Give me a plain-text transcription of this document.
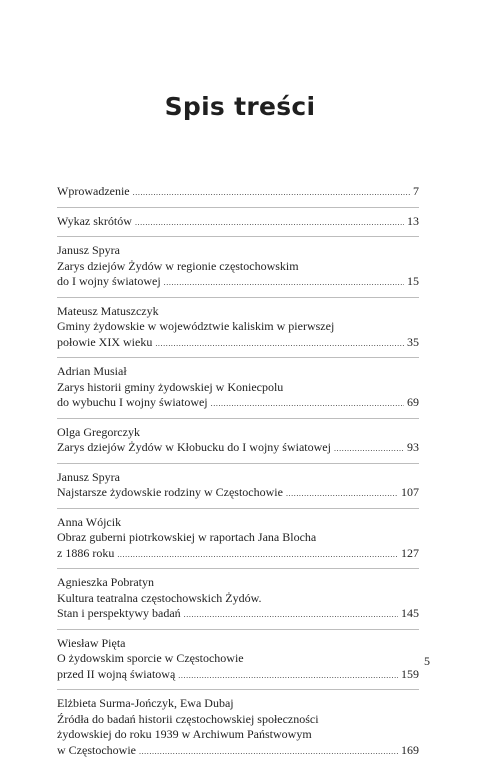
Spis treści
Wprowadzenie .....	7
Wykaz skrótów .....	13
Janusz Spyra
Zarys dziejów Żydów w regionie częstochowskim
do I wojny światowej .....	15
Mateusz Matuszczyk
Gminy żydowskie w województwie kaliskim w pierwszej
połowie XIX wieku .....	35
Adrian Musiał
Zarys historii gminy żydowskiej w Koniecpolu
do wybuchu I wojny światowej .....	69
Olga Gregorczyk
Zarys dziejów Żydów w Kłobucku do I wojny światowej .....	93
Janusz Spyra
Najstarsze żydowskie rodziny w Częstochowie .....	107
Anna Wójcik
Obraz guberni piotrkowskiej w raportach Jana Blocha
z 1886 roku .....	127
Agnieszka Pobratyn
Kultura teatralna częstochowskich Żydów.
Stan i perspektywy badań .....	145
Wiesław Pięta
O żydowskim sporcie w Częstochowie
przed II wojną światową .....	159
Elżbieta Surma-Jończyk, Ewa Dubaj
Źródła do badań historii częstochowskiej społeczności
żydowskiej do roku 1939 w Archiwum Państwowym
w Częstochowie .....	169
5
